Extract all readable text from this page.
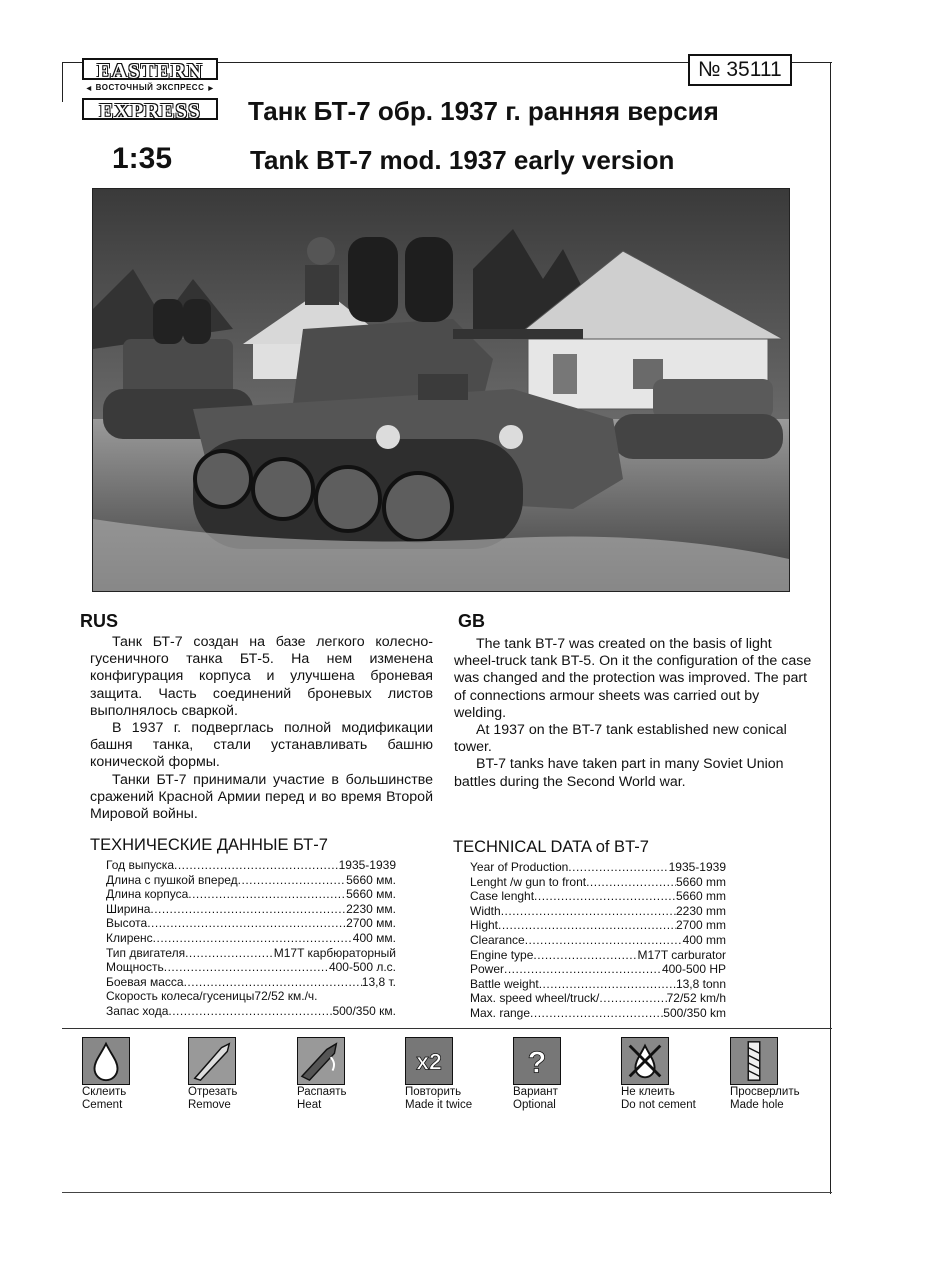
EASTERN
◀ ВОСТОЧНЫЙ ЭКСПРЕСС ▶
EXPRESS
№ 35111
Танк БТ-7 обр. 1937 г. ранняя версия
1:35	Tank BT-7 mod. 1937 early version
RUS

Танк БТ-7 создан на базе легкого колесно-гусеничного танка БТ-5. На нем изменена конфигурация корпуса и улучшена броневая защита. Часть соединений броневых листов выполнялось сваркой.

В 1937 г. подверглась полной модификации башня танка, стали устанавливать башню конической формы.

Танки БТ-7 принимали участие в большинстве сражений Красной Армии перед и во время Второй Мировой войны.

GB

The tank BT-7 was created on the basis of light wheel-truck tank BT-5. On it the configuration of the case was changed and the protection was improved. The part of connections armour sheets was carried out by welding.

At 1937 on the BT-7 tank established new conical tower.

BT-7 tanks have taken part in many Soviet Union battles during the Second World war.

ТЕХНИЧЕСКИЕ ДАННЫЕ БТ-7
Год выпуска .....	1935-1939
Длина с пушкой вперед .....	5660 мм.
Длина корпуса .....	5660 мм.
Ширина .....	2230 мм.
Высота .....	2700 мм.
Клиренс .....	400 мм.
Тип двигателя .....	M17T карбюраторный
Мощность .....	400-500 л.с.
Боевая масса .....	13,8 т.
Скорость колеса/гусеницы 72/52 км./ч.
Запас хода .....	500/350 км.
TECHNICAL DATA of BT-7
Year of Production .....	1935-1939
Lenght /w gun to front .....	5660 mm
Case lenght .....	5660 mm
Width .....	2230 mm
Hight .....	2700 mm
Clearance .....	400 mm
Engine type .....	M17T carburator
Power .....	400-500 HP
Battle weight .....	13,8 tonn
Max. speed wheel/truck/ .....	72/52 km/h
Max. range .....	500/350 km
Склеить
Cement
Отрезать
Remove
Распаять
Heat
x2
Повторить
Made it twice
?
Вариант
Optional
Не клеить
Do not cement
Просверлить
Made hole
